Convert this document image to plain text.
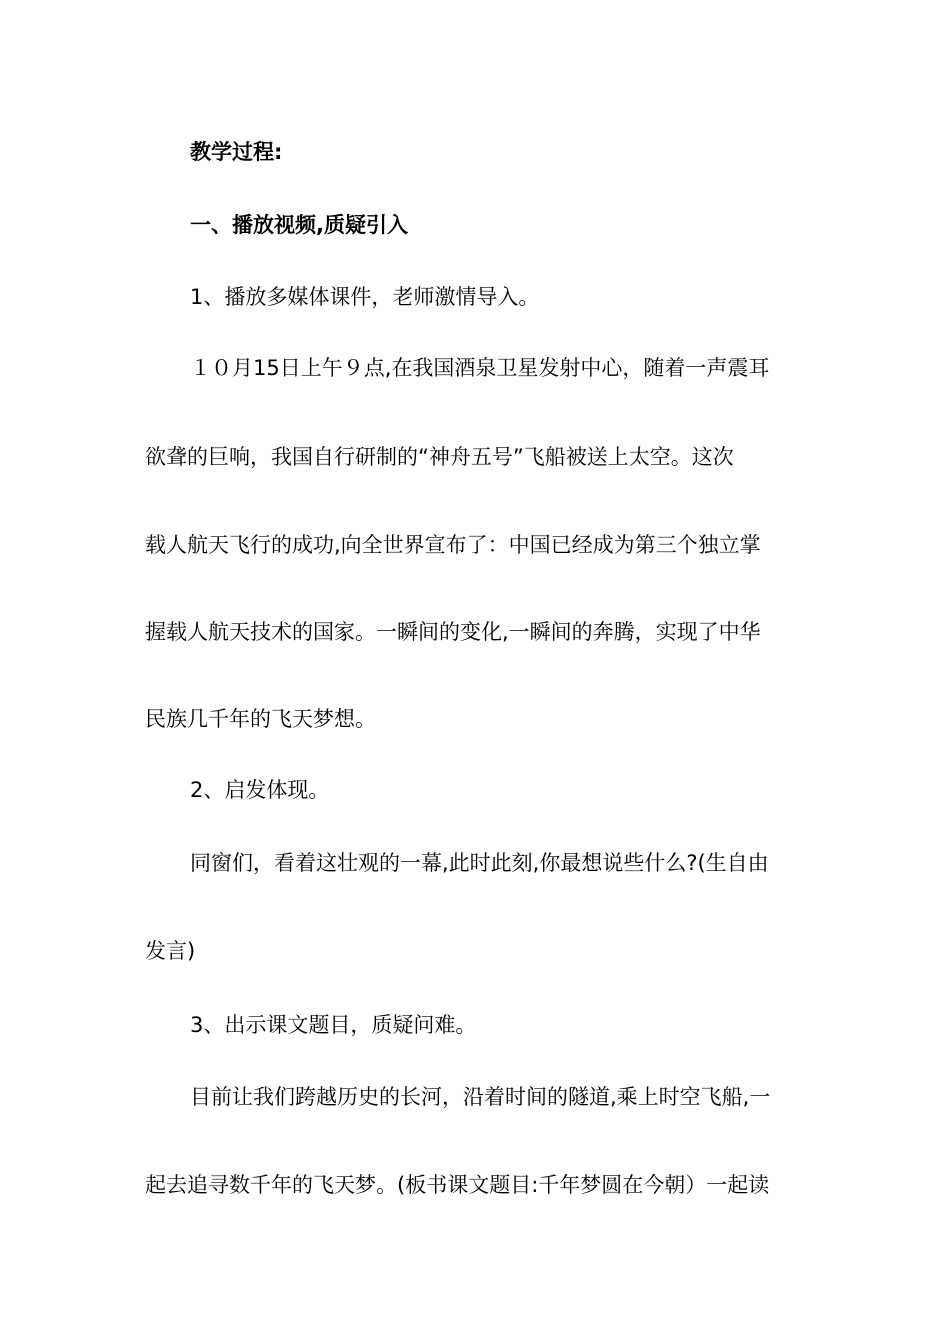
教学过程:
一、播放视频,质疑引入
1、播放多媒体课件，老师激情导入。
１０月15日上午９点,在我国酒泉卫星发射中心，随着一声震耳
欲聋的巨响，我国自行研制的“神舟五号”飞船被送上太空。这次
载人航天飞行的成功,向全世界宣布了：中国已经成为第三个独立掌
握载人航天技术的国家。一瞬间的变化,一瞬间的奔腾，实现了中华
民族几千年的飞天梦想。
2、启发体现。
同窗们，看着这壮观的一幕,此时此刻,你最想说些什么?(生自由
发言)
3、出示课文题目，质疑问难。
目前让我们跨越历史的长河，沿着时间的隧道,乘上时空飞船,一
起去追寻数千年的飞天梦。(板书课文题目:千年梦圆在今朝）一起读
